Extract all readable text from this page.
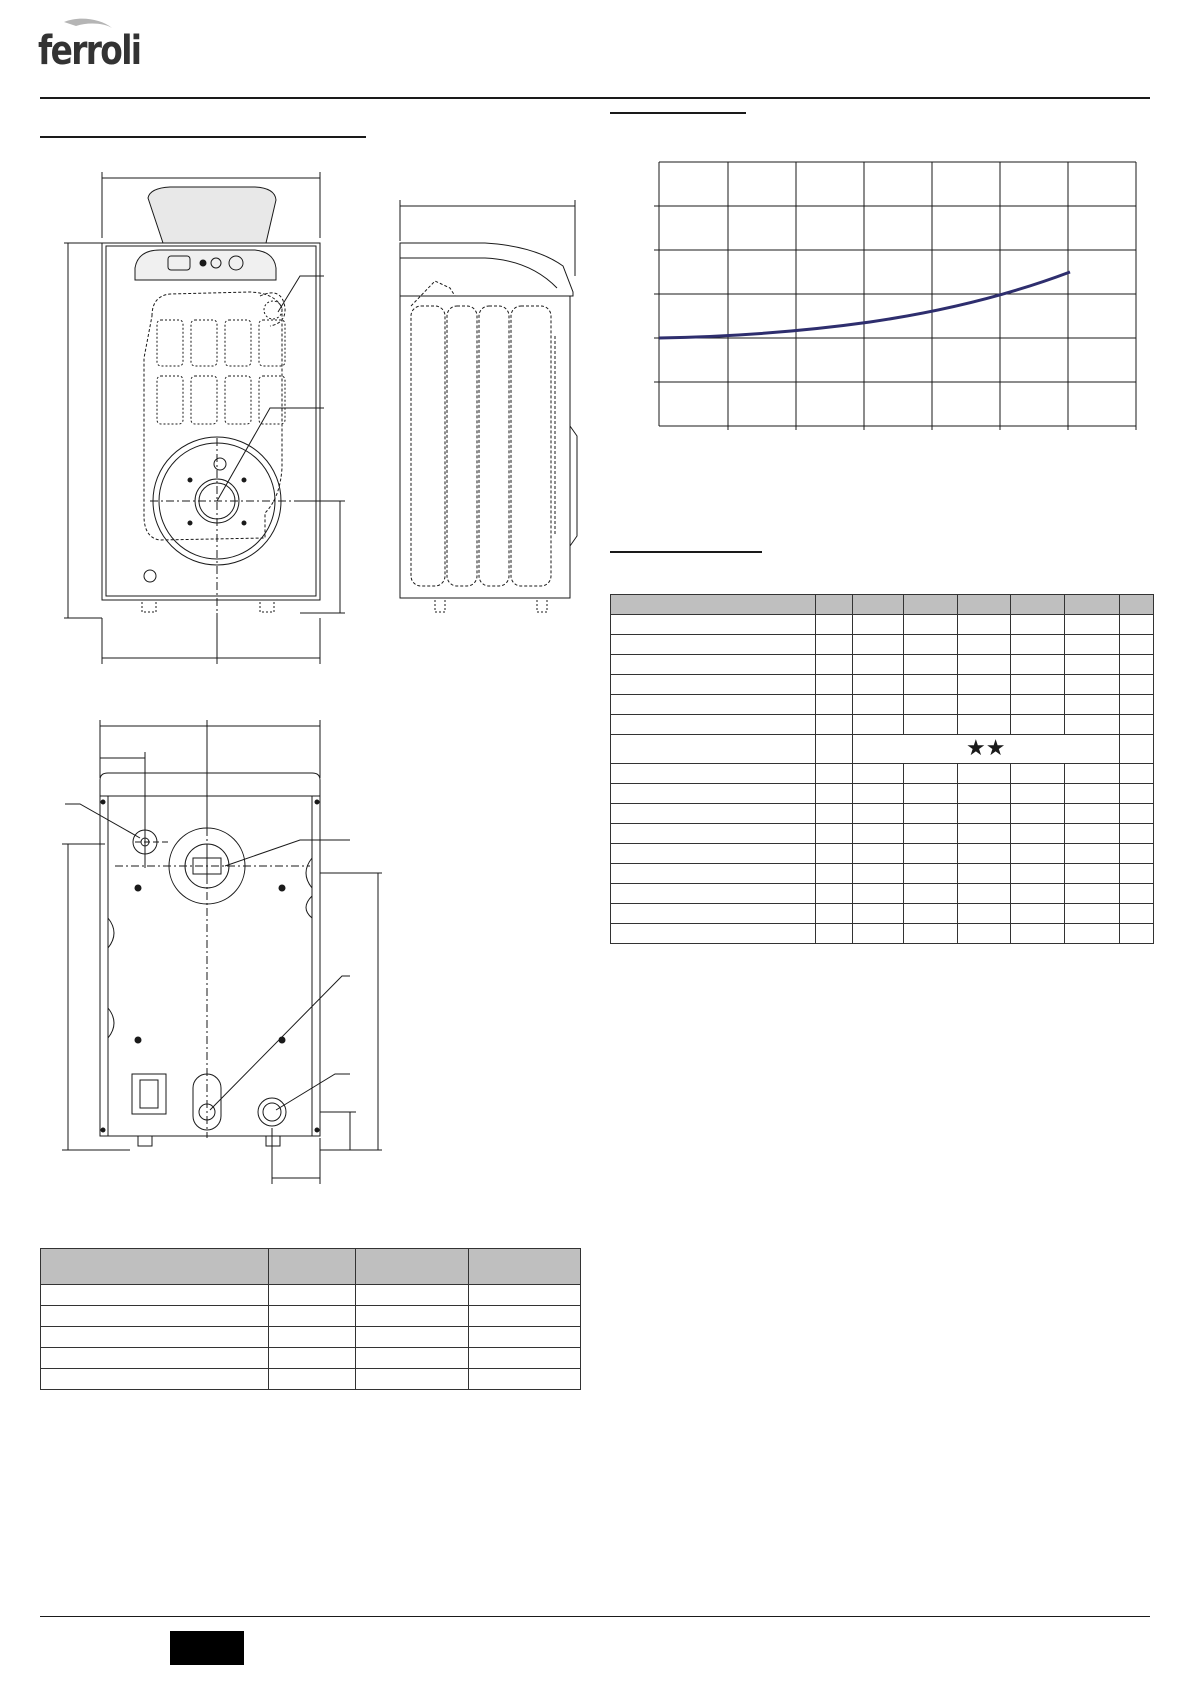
ferroli

		★★					
